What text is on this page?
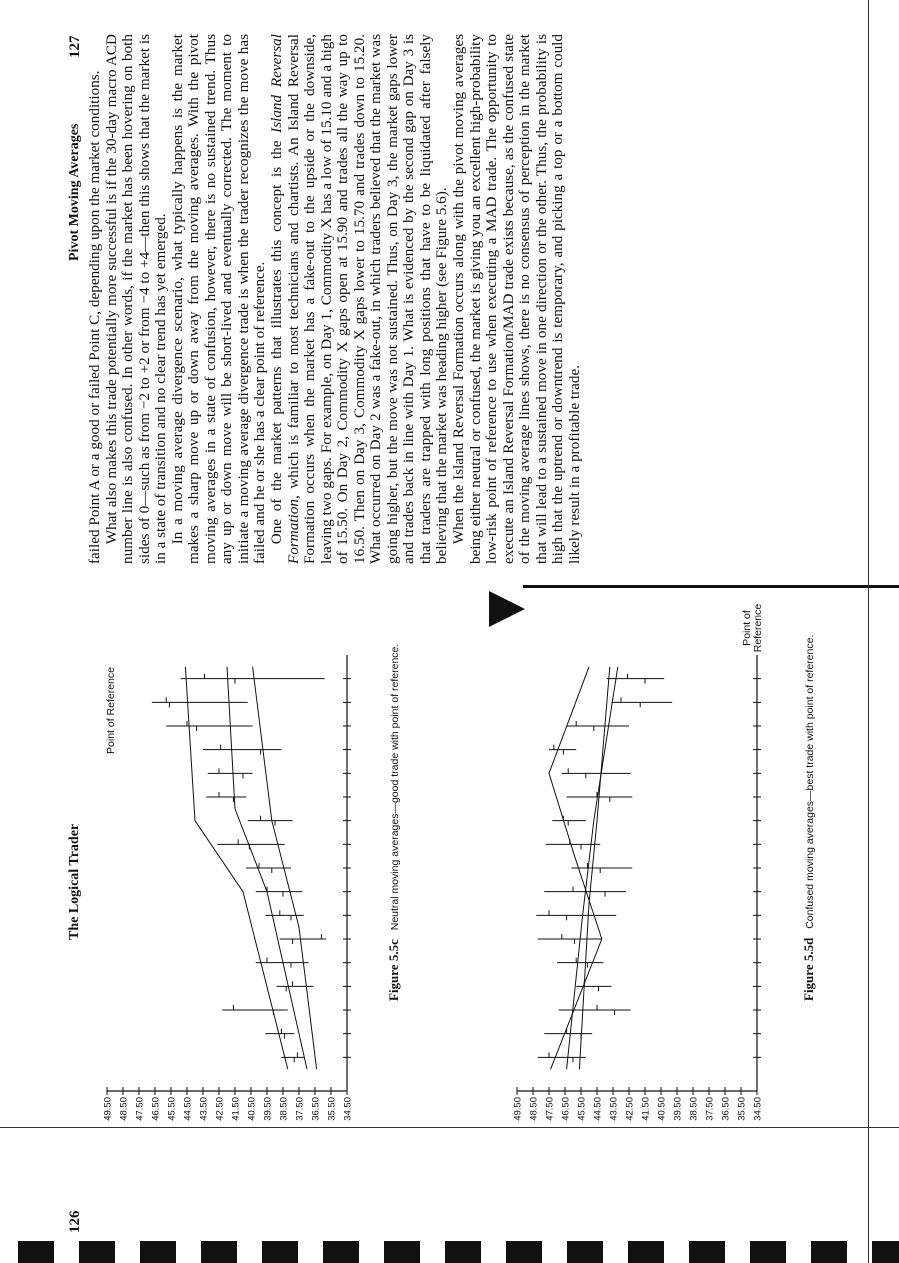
126
The Logical Trader
Pivot Moving Averages
127
49.50 48.50 47.50 46.50 45.50 44.50 43.50 42.50 41.50 40.50 39.50 38.50 37.50 36.50 35.50 34.50
Point of Reference
Figure 5.5c Neutral moving averages—good trade with point of reference.
49.50 48.50 47.50 46.50 45.50 44.50 43.50 42.50 41.50 40.50 39.50 38.50 37.50 36.50 35.50 34.50
Point of
Reference
Figure 5.5d Confused moving averages—best trade with point of reference.

failed Point A or a good or failed Point C, depending upon the market conditions. What also makes this trade potentially more successful is if the 30-day macro ACD number line is also confused. In other words, if the market has been hovering on both sides of 0—such as from −2 to +2 or from −4 to +4—then this shows that the market is in a state of transition and no clear trend has yet emerged. In a moving average divergence scenario, what typically happens is the market makes a sharp move up or down away from the moving averages. With the pivot moving averages in a state of confusion, however, there is no sustained trend. Thus any up or down move will be short-lived and eventually corrected. The moment to initiate a moving average divergence trade is when the trader recognizes the move has failed and he or she has a clear point of reference. One of the market patterns that illustrates this concept is the Island Reversal Formation, which is familiar to most technicians and chartists. An Island Reversal Formation occurs when the market has a fake-out to the upside or the downside, leaving two gaps. For example, on Day 1, Commodity X has a low of 15.10 and a high of 15.50. On Day 2, Commodity X gaps open at 15.90 and trades all the way up to 16.50. Then on Day 3, Commodity X gaps lower to 15.70 and trades down to 15.20. What occurred on Day 2 was a fake-out, in which traders believed that the market was going higher, but the move was not sustained. Thus, on Day 3, the market gaps lower and trades back in line with Day 1. What is evidenced by the second gap on Day 3 is that traders are trapped with long positions that have to be liquidated after falsely believing that the market was heading higher (see Figure 5.6). When the Island Reversal Formation occurs along with the pivot moving averages being either neutral or confused, the market is giving you an excellent high-probability low-risk point of reference to use when executing a MAD trade. The opportunity to execute an Island Reversal Formation/MAD trade exists because, as the confused state of the moving average lines shows, there is no consensus of perception in the market that will lead to a sustained move in one direction or the other. Thus, the probability is high that the uptrend or downtrend is temporary, and picking a top or a bottom could likely result in a profitable trade.
